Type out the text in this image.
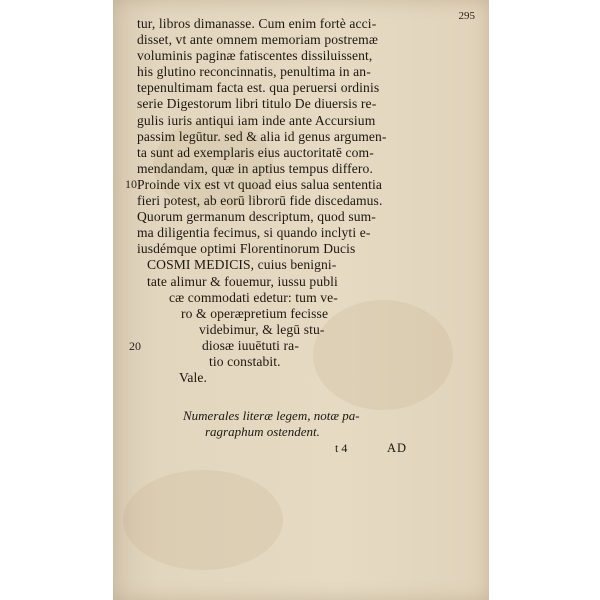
295
tur, libros dimanasse. Cum enim fortè acci-
disset, vt ante omnem memoriam postremæ
voluminis paginæ fatiscentes dissiluissent,
his glutino reconcinnatis, penultima in an-
tepenultimam facta est. qua peruersi ordinis
serie Digestorum libri titulo De diuersis re-
gulis iuris antiqui iam inde ante Accursium
passim legūtur. sed & alia id genus argumen-
ta sunt ad exemplaris eius auctoritatē com-
mendandam, quæ in aptius tempus differo.
Proinde vix est vt quoad eius salua sententia
fieri potest, ab eorū librorū fide discedamus.
Quorum germanum descriptum, quod sum-
ma diligentia fecimus, si quando inclyti e-
iusdémque optimi Florentinorum Ducis
COSMI MEDICIS, cuius benigni-
tate alimur & fouemur, iussu publi
cæ commodati edetur: tum ve-
ro & operæpretium fecisse
videbimur, & legū stu-
diosæ iuuētuti ra-
tio constabit.
Vale.
10
20
Numerales literæ legem, notæ pa-
ragraphum ostendent.
t 4	AD
